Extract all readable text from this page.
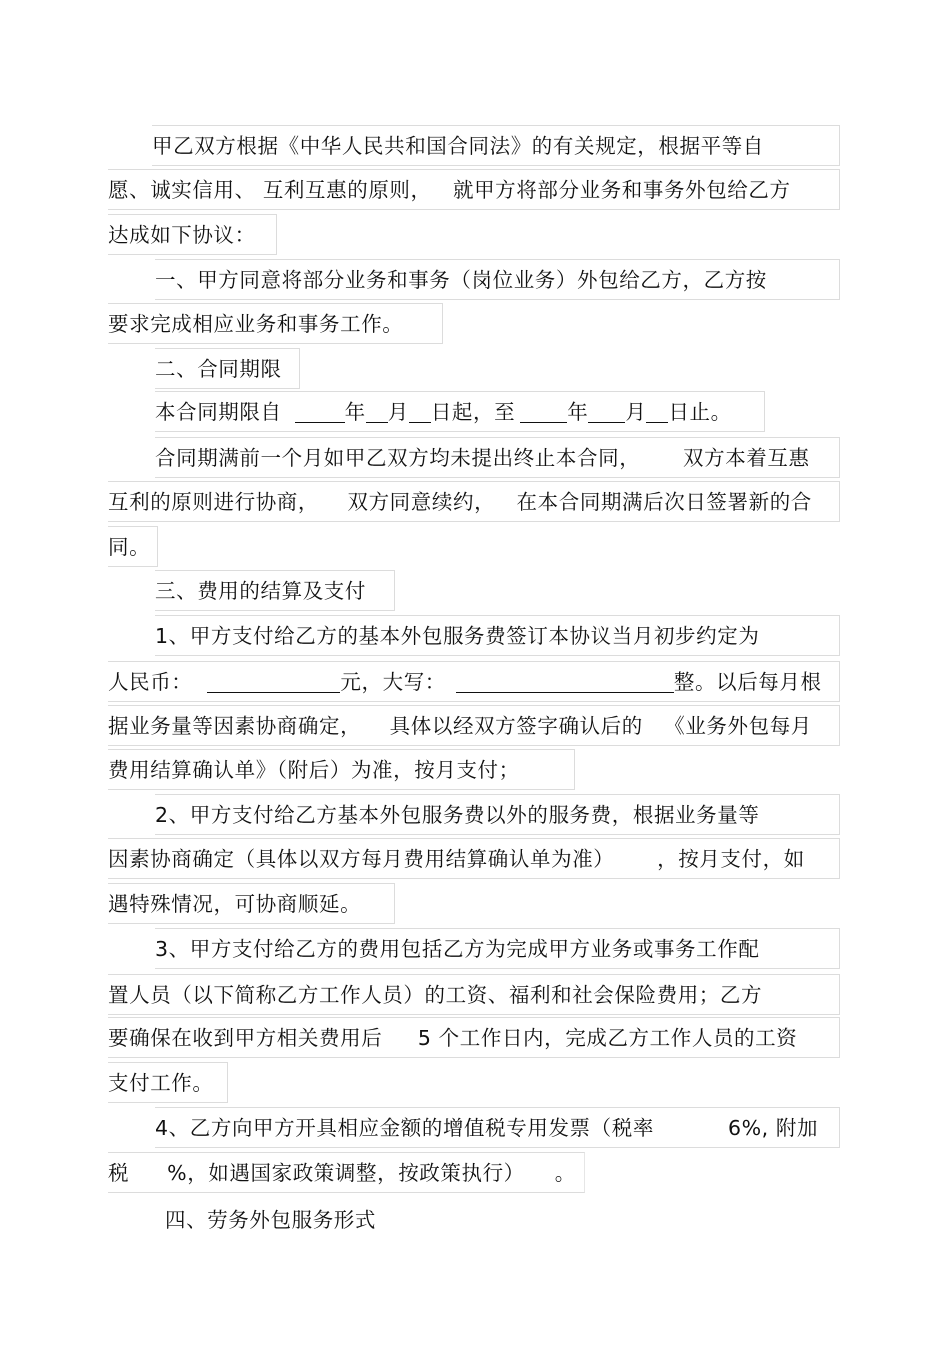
甲乙双方根据《中华人民共和国合同法》的有关规定，根据平等自
愿、诚实信用、 互利互惠的原则，   就甲方将部分业务和事务外包给乙方
达成如下协议：
一、甲方同意将部分业务和事务（岗位业务）外包给乙方，乙方按
要求完成相应业务和事务工作。
二、合同期限
本合同期限自	年 月 日起，至	年 月 日止。
合同期满前一个月如甲乙双方均未提出终止本合同，      双方本着互惠
互利的原则进行协商，    双方同意续约，   在本合同期满后次日签署新的合
同。
三、费用的结算及支付
1、甲方支付给乙方的基本外包服务费签订本协议当月初步约定为
人民币：	元，大写：	整。以后每月根
据业务量等因素协商确定，    具体以经双方签字确认后的   《业务外包每月
费用结算确认单》（附后）为准，按月支付；
2、甲方支付给乙方基本外包服务费以外的服务费，根据业务量等
因素协商确定（具体以双方每月费用结算确认单为准）      ，按月支付，如
遇特殊情况，可协商顺延。
3、甲方支付给乙方的费用包括乙方为完成甲方业务或事务工作配
置人员（以下简称乙方工作人员）的工资、福利和社会保险费用；乙方
要确保在收到甲方相关费用后     5 个工作日内，完成乙方工作人员的工资
支付工作。
4、乙方向甲方开具相应金额的增值税专用发票（税率	6%, 附加
税 %，如遇国家政策调整，按政策执行） 。
四、劳务外包服务形式
